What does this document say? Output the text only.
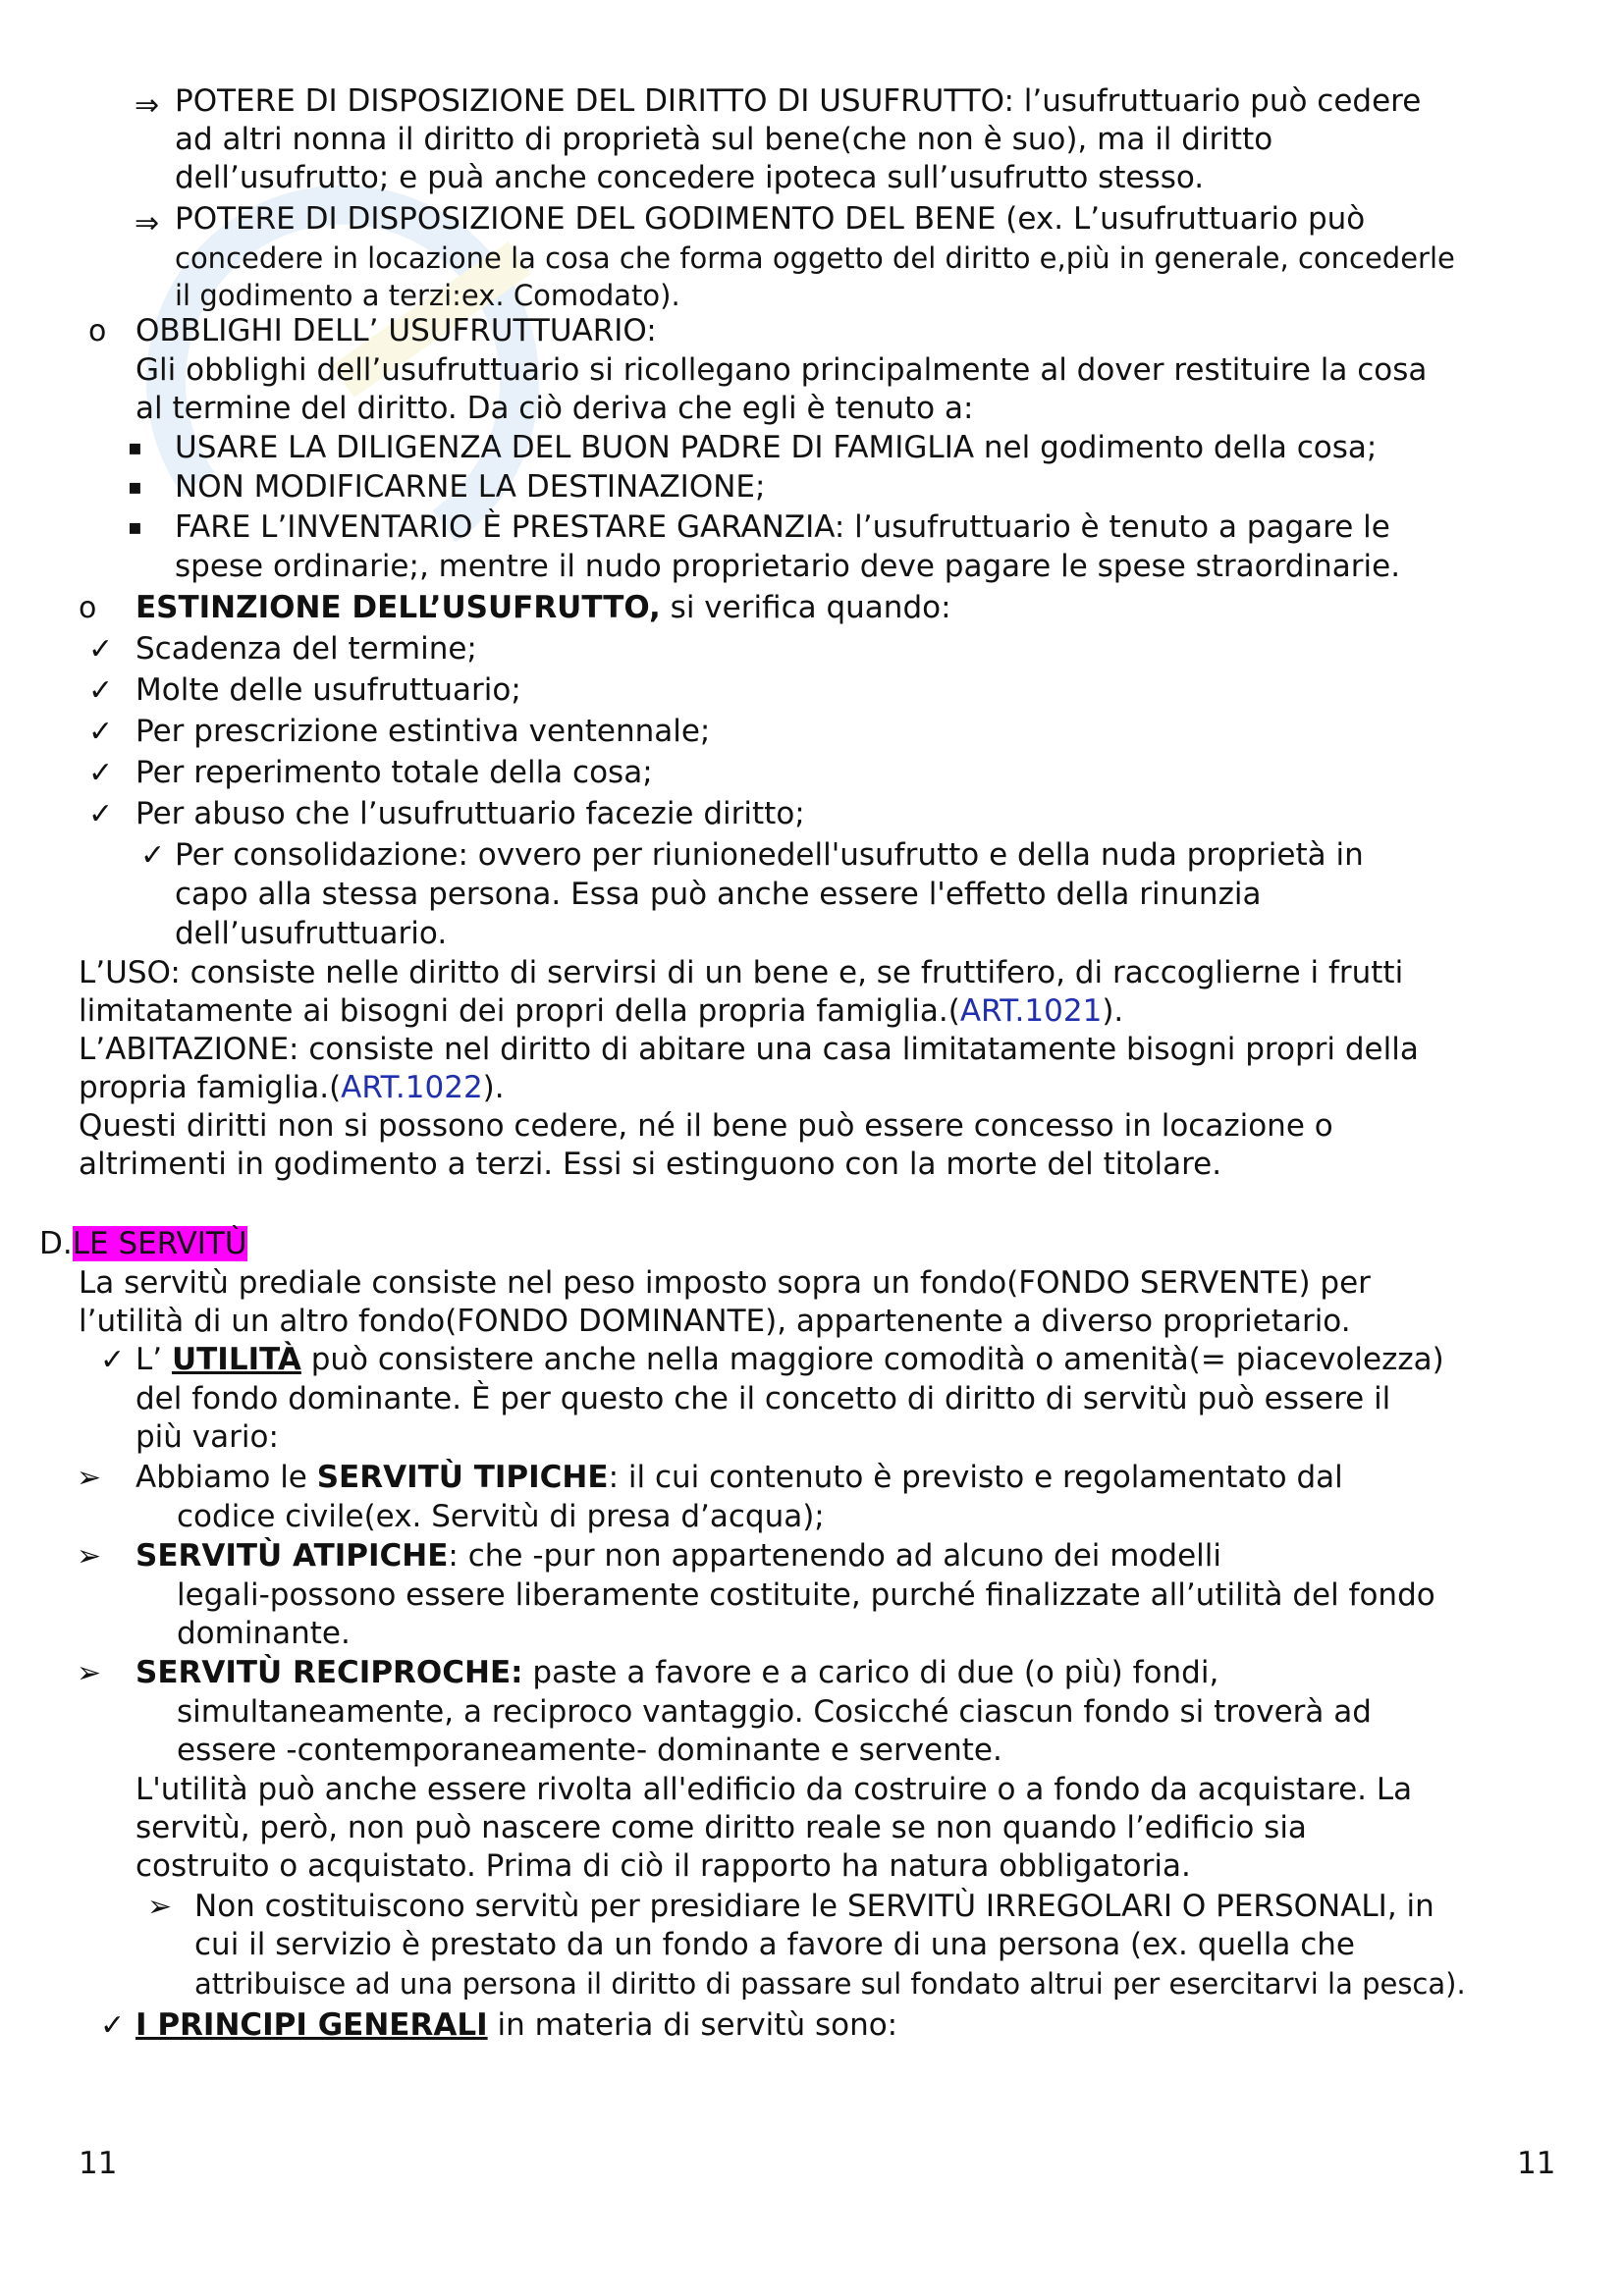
⇒ POTERE DI DISPOSIZIONE DEL DIRITTO DI USUFRUTTO: l’usufruttuario può cedere
ad altri nonna il diritto di proprietà sul bene(che non è suo), ma il diritto
dell’usufrutto; e puà anche concedere ipoteca sull’usufrutto stesso.
⇒ POTERE DI DISPOSIZIONE DEL GODIMENTO DEL BENE (ex. L’usufruttuario può
concedere in locazione la cosa che forma oggetto del diritto e,più in generale, concederle
il godimento a terzi:ex. Comodato).
o OBBLIGHI DELL’ USUFRUTTUARIO:
Gli obblighi dell’usufruttuario si ricollegano principalmente al dover restituire la cosa
al termine del diritto. Da ciò deriva che egli è tenuto a:
▪ USARE LA DILIGENZA DEL BUON PADRE DI FAMIGLIA nel godimento della cosa;
▪ NON MODIFICARNE LA DESTINAZIONE;
▪ FARE L’INVENTARIO È PRESTARE GARANZIA: l’usufruttuario è tenuto a pagare le
spese ordinarie;, mentre il nudo proprietario deve pagare le spese straordinarie.
o ESTINZIONE DELL’USUFRUTTO, si verifica quando:
✓ Scadenza del termine;
✓ Molte delle usufruttuario;
✓ Per prescrizione estintiva ventennale;
✓ Per reperimento totale della cosa;
✓ Per abuso che l’usufruttuario facezie diritto;
✓ Per consolidazione: ovvero per riunionedell'usufrutto e della nuda proprietà in
capo alla stessa persona. Essa può anche essere l'effetto della rinunzia
dell’usufruttuario.
L’USO: consiste nelle diritto di servirsi di un bene e, se fruttifero, di raccoglierne i frutti
limitatamente ai bisogni dei propri della propria famiglia.(ART.1021).
L’ABITAZIONE: consiste nel diritto di abitare una casa limitatamente bisogni propri della
propria famiglia.(ART.1022).
Questi diritti non si possono cedere, né il bene può essere concesso in locazione o
altrimenti in godimento a terzi. Essi si estinguono con la morte del titolare.
D.LE SERVITÙ
La servitù prediale consiste nel peso imposto sopra un fondo(FONDO SERVENTE) per
l’utilità di un altro fondo(FONDO DOMINANTE), appartenente a diverso proprietario.
✓ L’ UTILITÀ può consistere anche nella maggiore comodità o amenità(= piacevolezza)
del fondo dominante. È per questo che il concetto di diritto di servitù può essere il
più vario:
➢ Abbiamo le SERVITÙ TIPICHE: il cui contenuto è previsto e regolamentato dal
codice civile(ex. Servitù di presa d’acqua);
➢ SERVITÙ ATIPICHE: che -pur non appartenendo ad alcuno dei modelli
legali-possono essere liberamente costituite, purché finalizzate all’utilità del fondo
dominante.
➢ SERVITÙ RECIPROCHE: paste a favore e a carico di due (o più) fondi,
simultaneamente, a reciproco vantaggio. Cosicché ciascun fondo si troverà ad
essere -contemporaneamente- dominante e servente.
L'utilità può anche essere rivolta all'edificio da costruire o a fondo da acquistare. La
servitù, però, non può nascere come diritto reale se non quando l’edificio sia
costruito o acquistato. Prima di ciò il rapporto ha natura obbligatoria.
➢ Non costituiscono servitù per presidiare le SERVITÙ IRREGOLARI O PERSONALI, in
cui il servizio è prestato da un fondo a favore di una persona (ex. quella che
attribuisce ad una persona il diritto di passare sul fondato altrui per esercitarvi la pesca).
✓ I PRINCIPI GENERALI in materia di servitù sono:
11	11
